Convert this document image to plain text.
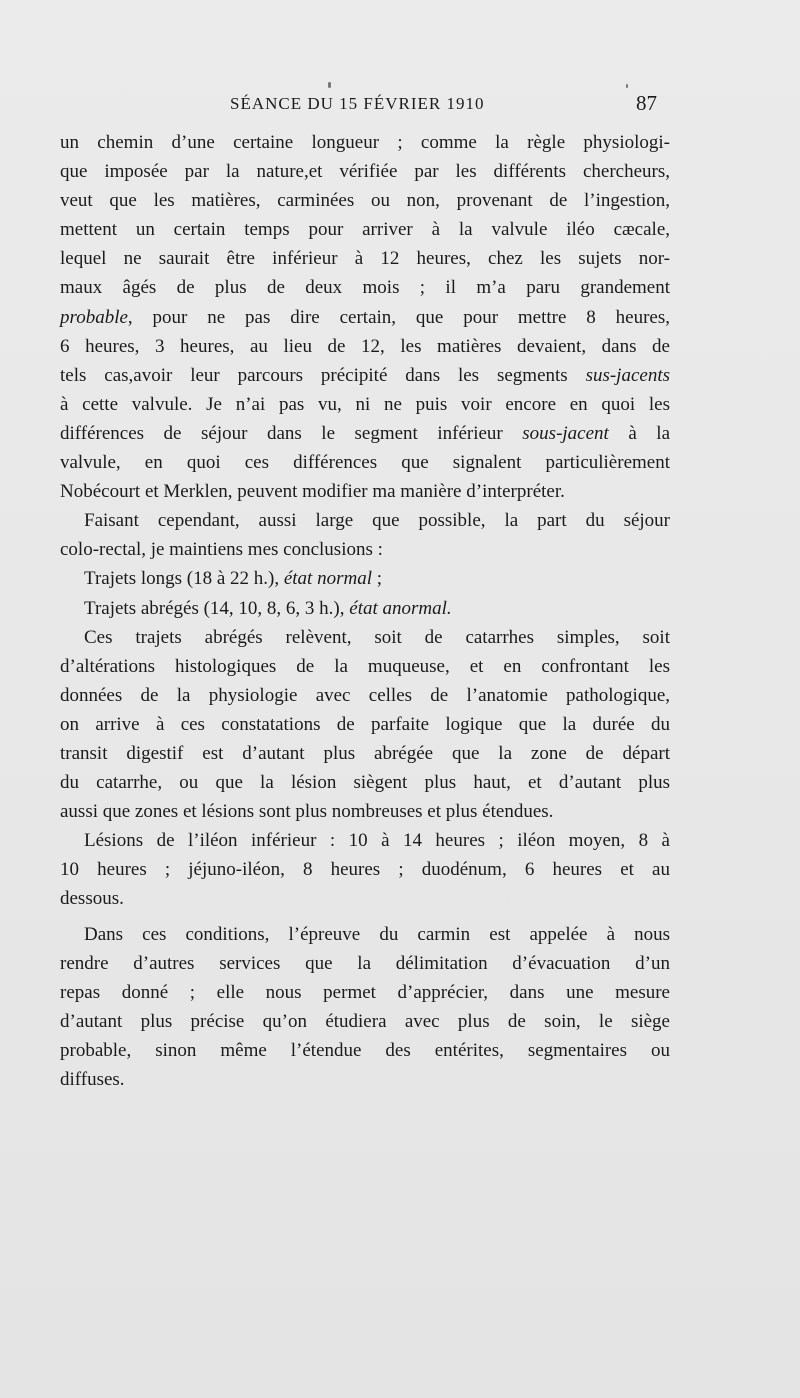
SÉANCE DU 15 FÉVRIER 1910	87
un chemin d’une certaine longueur ; comme la règle physiologi-
que imposée par la nature,et vérifiée par les différents chercheurs,
veut que les matières, carminées ou non, provenant de l’ingestion,
mettent un certain temps pour arriver à la valvule iléo cæcale,
lequel ne saurait être inférieur à 12 heures, chez les sujets nor-
maux âgés de plus de deux mois ; il m’a paru grandement
probable, pour ne pas dire certain, que pour mettre 8 heures,
6 heures, 3 heures, au lieu de 12, les matières devaient, dans de
tels cas,avoir leur parcours précipité dans les segments sus-jacents
à cette valvule. Je n’ai pas vu, ni ne puis voir encore en quoi les
différences de séjour dans le segment inférieur sous-jacent à la
valvule, en quoi ces différences que signalent particulièrement
Nobécourt et Merklen, peuvent modifier ma manière d’interpréter.
Faisant cependant, aussi large que possible, la part du séjour
colo-rectal, je maintiens mes conclusions :
Trajets longs (18 à 22 h.), état normal ;
Trajets abrégés (14, 10, 8, 6, 3 h.), état anormal.
Ces trajets abrégés relèvent, soit de catarrhes simples, soit
d’altérations histologiques de la muqueuse, et en confrontant les
données de la physiologie avec celles de l’anatomie pathologique,
on arrive à ces constatations de parfaite logique que la durée du
transit digestif est d’autant plus abrégée que la zone de départ
du catarrhe, ou que la lésion siègent plus haut, et d’autant plus
aussi que zones et lésions sont plus nombreuses et plus étendues.
Lésions de l’iléon inférieur : 10 à 14 heures ; iléon moyen, 8 à
10 heures ; jéjuno-iléon, 8 heures ; duodénum, 6 heures et au
dessous.
Dans ces conditions, l’épreuve du carmin est appelée à nous
rendre d’autres services que la délimitation d’évacuation d’un
repas donné ; elle nous permet d’apprécier, dans une mesure
d’autant plus précise qu’on étudiera avec plus de soin, le siège
probable, sinon même l’étendue des entérites, segmentaires ou
diffuses.
